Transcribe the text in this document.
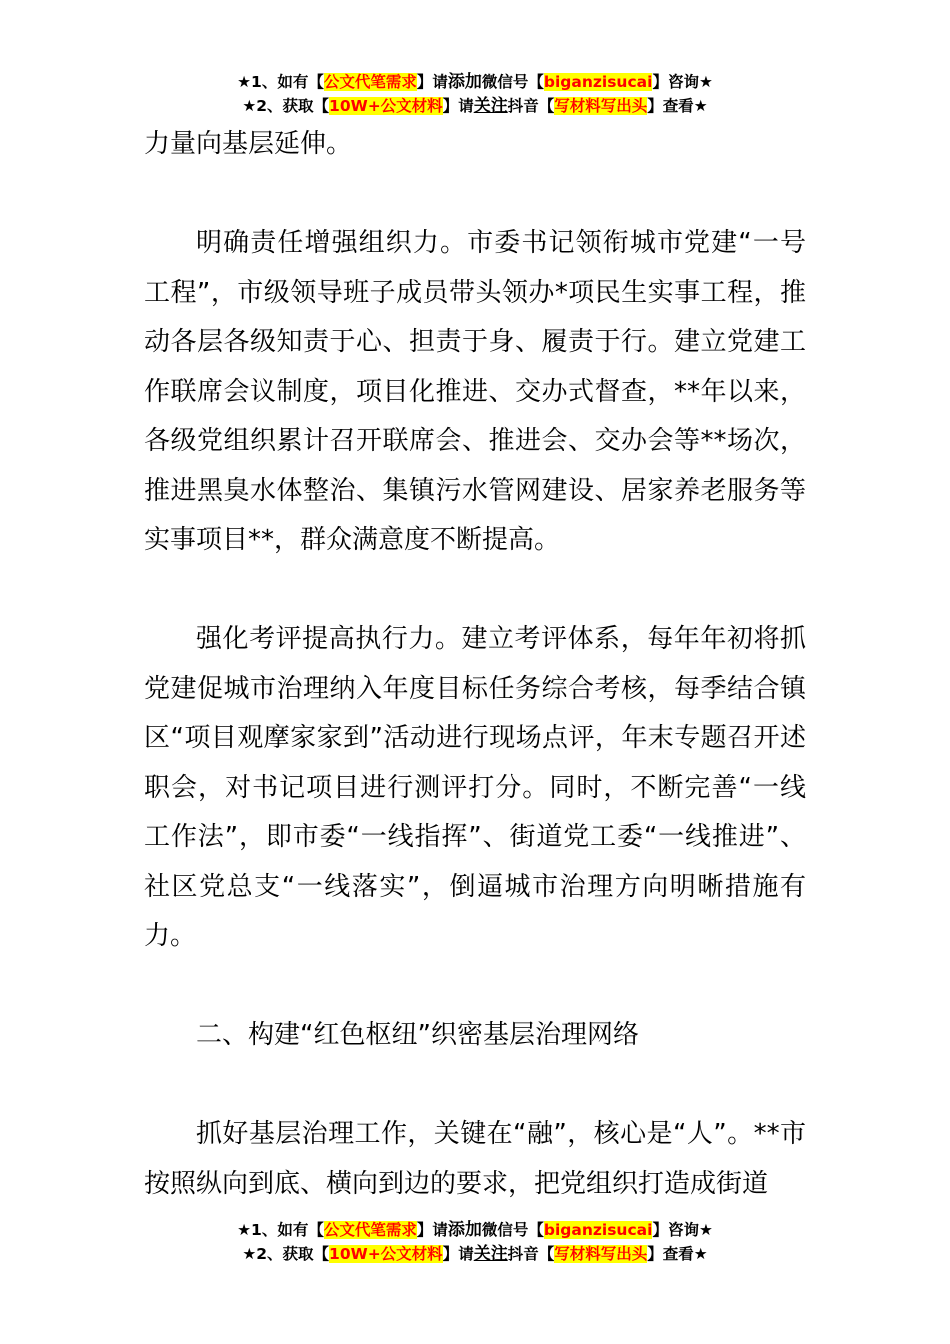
★1、如有【公文代笔需求】请添加微信号【biganzisucai】咨询★
★2、获取【10W+公文材料】请关注抖音【写材料写出头】查看★

力量向基层延伸。

明确责任增强组织力。市委书记领衔城市党建“一号工程”，市级领导班子成员带头领办*项民生实事工程，推动各层各级知责于心、担责于身、履责于行。建立党建工作联席会议制度，项目化推进、交办式督查，**年以来，各级党组织累计召开联席会、推进会、交办会等**场次，推进黑臭水体整治、集镇污水管网建设、居家养老服务等实事项目**，群众满意度不断提高。

强化考评提高执行力。建立考评体系，每年年初将抓党建促城市治理纳入年度目标任务综合考核，每季结合镇区“项目观摩家家到”活动进行现场点评，年末专题召开述职会，对书记项目进行测评打分。同时，不断完善“一线工作法”，即市委“一线指挥”、街道党工委“一线推进”、社区党总支“一线落实”，倒逼城市治理方向明晰措施有力。

二、构建“红色枢纽”织密基层治理网络

抓好基层治理工作，关键在“融”，核心是“人”。**市按照纵向到底、横向到边的要求，把党组织打造成街道

★1、如有【公文代笔需求】请添加微信号【biganzisucai】咨询★
★2、获取【10W+公文材料】请关注抖音【写材料写出头】查看★
